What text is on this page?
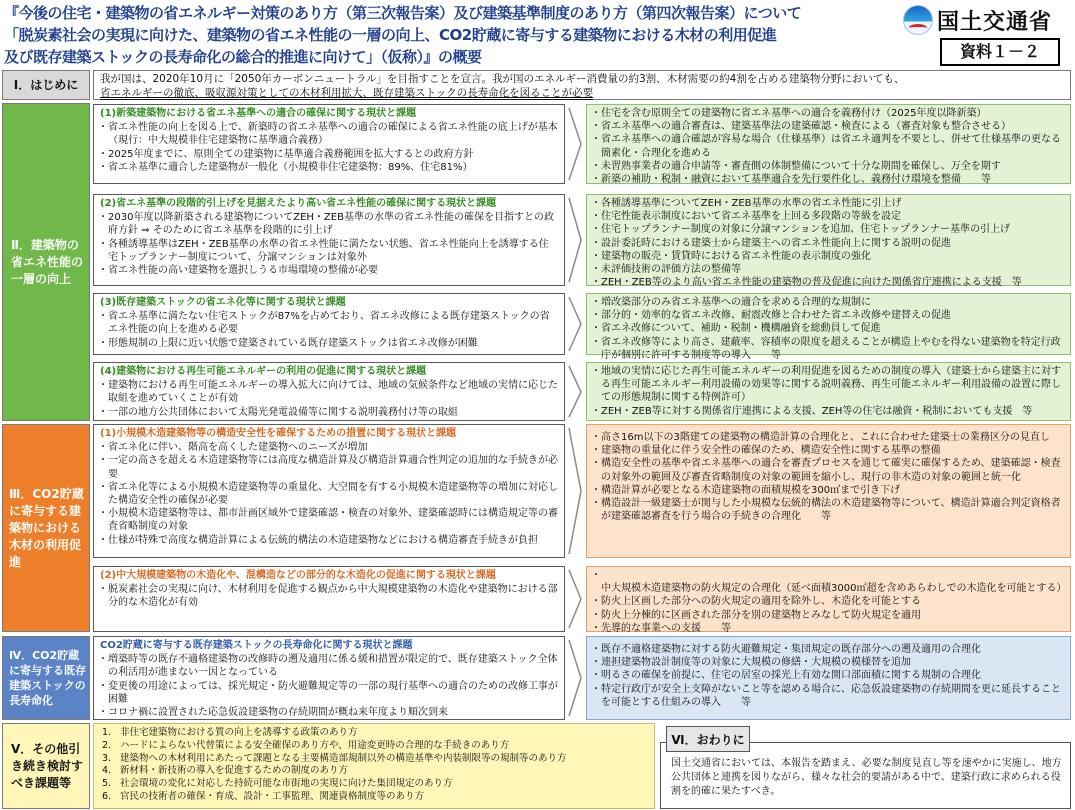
『今後の住宅・建築物の省エネルギー対策のあり方（第三次報告案）及び建築基準制度のあり方（第四次報告案）について
「脱炭素社会の実現に向けた、建築物の省エネ性能の一層の向上、CO2貯蔵に寄与する建築物における木材の利用促進
及び既存建築ストックの長寿命化の総合的推進に向けて」（仮称）』の概要
国土交通省
資料１－２
Ⅰ．はじめに
Ⅱ．建築物の省エネ性能の一層の向上
Ⅲ．CO2貯蔵に寄与する建築物における木材の利用促進
Ⅳ．CO2貯蔵に寄与する既存建築ストックの長寿命化
Ⅴ．その他引き続き検討すべき課題等
我が国は、2020年10月に「2050年カーボンニュートラル」を目指すことを宣言。我が国のエネルギー消費量の約3割、木材需要の約4割を占める建築物分野においても、
省エネルギーの徹底、吸収源対策としての木材利用拡大、既存建築ストックの長寿命化を図ることが必要
(1)新築建築物における省エネ基準への適合の確保に関する現状と課題
・ 省エネ性能の向上を図る上で、新築時の省エネ基準への適合の確保による省エネ性能の底上げが基本（現行：中大規模非住宅建築物に基準適合義務）
・ 2025年度までに、原則全ての建築物に基準適合義務範囲を拡大するとの政府方針
・ 省エネ基準に適合した建築物が一般化（小規模非住宅建築物：89%、住宅81%）
(2)省エネ基準の段階的引上げを見据えたより高い省エネ性能の確保に関する現状と課題
・ 2030年度以降新築される建築物についてZEH・ZEB基準の水準の省エネ性能の確保を目指すとの政府方針 ⇒ そのために省エネ基準を段階的に引上げ
・ 各種誘導基準はZEH・ZEB基準の水準の省エネ性能に満たない状態、省エネ性能向上を誘導する住宅トップランナー制度について、分譲マンションは対象外
・ 省エネ性能の高い建築物を選択しうる市場環境の整備が必要
(3)既存建築ストックの省エネ化等に関する現状と課題
・ 省エネ基準に満たない住宅ストックが87%を占めており、省エネ改修による既存建築ストックの省エネ性能の向上を進める必要
・ 形態規制の上限に近い状態で建築されている既存建築ストックは省エネ改修が困難
(4)建築物における再生可能エネルギーの利用の促進に関する現状と課題
・ 建築物における再生可能エネルギーの導入拡大に向けては、地域の気候条件など地域の実情に応じた取組を進めていくことが有効
・ 一部の地方公共団体において太陽光発電設備等に関する説明義務付け等の取組
(1)小規模木造建築物等の構造安全性を確保するための措置に関する現状と課題
・ 省エネ化に伴い、階高を高くした建築物へのニーズが増加
・ 一定の高さを超える木造建築物等には高度な構造計算及び構造計算適合性判定の追加的な手続きが必要
・ 省エネ化等による小規模木造建築物等の重量化、大空間を有する小規模木造建築物等の増加に対応した構造安全性の確保が必要
・ 小規模木造建築物等は、都市計画区域外で建築確認・検査の対象外、建築確認時には構造規定等の審査省略制度の対象
・ 仕様が特殊で高度な構造計算による伝統的構法の木造建築物などにおける構造審査手続きが負担
(2)中大規模建築物の木造化や、混構造などの部分的な木造化の促進に関する現状と課題
・ 脱炭素社会の実現に向け、木材利用を促進する観点から中大規模建築物の木造化や建築物における部分的な木造化が有効
CO2貯蔵に寄与する既存建築ストックの長寿命化に関する現状と課題
・ 増築時等の既存不適格建築物の改修時の遡及適用に係る緩和措置が限定的で、既存建築ストック全体の利活用が進まない一因となっている
・ 変更後の用途によっては、採光規定・防火避難規定等の一部の現行基準への適合のための改修工事が困難
・ コロナ禍に設置された応急仮設建築物の存続期間が概ね来年度より順次到来
・ 住宅を含む原則全ての建築物に省エネ基準への適合を義務付け（2025年度以降新築）
・ 省エネ基準への適合審査は、建築基準法の建築確認・検査による（審査対象も整合させる）
・ 省エネ基準への適合確認が容易な場合（仕様基準）は省エネ適判を不要とし、併せて仕様基準の更なる簡素化・合理化を進める
・ 未習熟事業者の適合申請等・審査側の体制整備について十分な期間を確保し、万全を期す
・ 新築の補助・税制・融資において基準適合を先行要件化し、義務付け環境を整備　　等
・ 各種誘導基準についてZEH・ZEB基準の水準の省エネ性能に引上げ
・ 住宅性能表示制度において省エネ基準を上回る多段階の等級を設定
・ 住宅トップランナー制度の対象に分譲マンションを追加、住宅トップランナー基準の引上げ
・ 設計委託時における建築士から建築主への省エネ性能向上に関する説明の促進
・ 建築物の販売・賃貸時における省エネ性能の表示制度の強化
・ 未評価技術の評価方法の整備等
・ ZEH・ZEB等のより高い省エネ性能の建築物の普及促進に向けた関係省庁連携による支援　等
・ 増改築部分のみ省エネ基準への適合を求める合理的な規制に
・ 部分的・効率的な省エネ改修、耐震改修と合わせた省エネ改修や建替えの促進
・ 省エネ改修について、補助・税制・機構融資を総動員して促進
・ 省エネ改修等により高さ、建蔽率、容積率の限度を超えることが構造上やむを得ない建築物を特定行政庁が個別に許可する制度等の導入　　等
・ 地域の実情に応じた再生可能エネルギーの利用促進を図るための制度の導入（建築士から建築主に対する再生可能エネルギー利用設備の効果等に関する説明義務、再生可能エネルギー利用設備の設置に際しての形態規制に関する特例許可）
・ ZEH・ZEB等に対する関係省庁連携による支援、ZEH等の住宅は融資・税制においても支援　等
・ 高さ16m以下の3階建ての建築物の構造計算の合理化と、これに合わせた建築士の業務区分の見直し
・ 建築物の重量化に伴う安全性の確保のため、構造安全性に関する基準の整備
・ 構造安全性の基準や省エネ基準への適合を審査プロセスを通じて確実に確保するため、建築確認・検査の対象外の範囲及び審査省略制度の対象の範囲を縮小し、現行の非木造の対象の範囲と統一化
・ 構造計算が必要となる木造建築物の面積規模を300㎡まで引き下げ
・ 構造設計一級建築士が関与した小規模な伝統的構法の木造建築物等について、構造計算適合判定資格者が建築確認審査を行う場合の手続きの合理化　　等
・ 中大規模木造建築物の防火規定の合理化（延べ面積3000㎡超を含めあらわしでの木造化を可能とする）
・ 防火上区画した部分への防火規定の適用を除外し、木造化を可能とする
・ 防火上分棟的に区画された部分を別の建築物とみなして防火規定を適用
・ 先導的な事業への支援　　等
・ 既存不適格建築物に対する防火避難規定・集団規定の既存部分への遡及適用の合理化
・ 連担建築物設計制度等の対象に大規模の修繕・大規模の模様替を追加
・ 明るさの確保を前提に、住宅の居室の採光上有効な開口部面積に関する規制の合理化
・ 特定行政庁が安全上支障がないこと等を認める場合に、応急仮設建築物の存続期間を更に延長することを可能とする仕組みの導入　　等
1. 非住宅建築物における質の向上を誘導する政策のあり方
2. ハードによらない代替策による安全確保のあり方や、用途変更時の合理的な手続きのあり方
3. 建築物への木材利用にあたって課題となる主要構造部規制以外の構造基準や内装制限等の規制等のあり方
4. 新材料・新技術の導入を促進するための制度のあり方
5. 社会環境の変化に対応した持続可能な市街地の実現に向けた集団規定のあり方
6. 官民の技術者の確保・育成、設計・工事監理、関連資格制度等のあり方
国土交通省においては、本報告を踏まえ、必要な制度見直し等を速やかに実施し、地方公共団体と連携を図りながら、様々な社会的要請がある中で、建築行政に求められる役割を的確に果たすべき。
Ⅵ．おわりに
